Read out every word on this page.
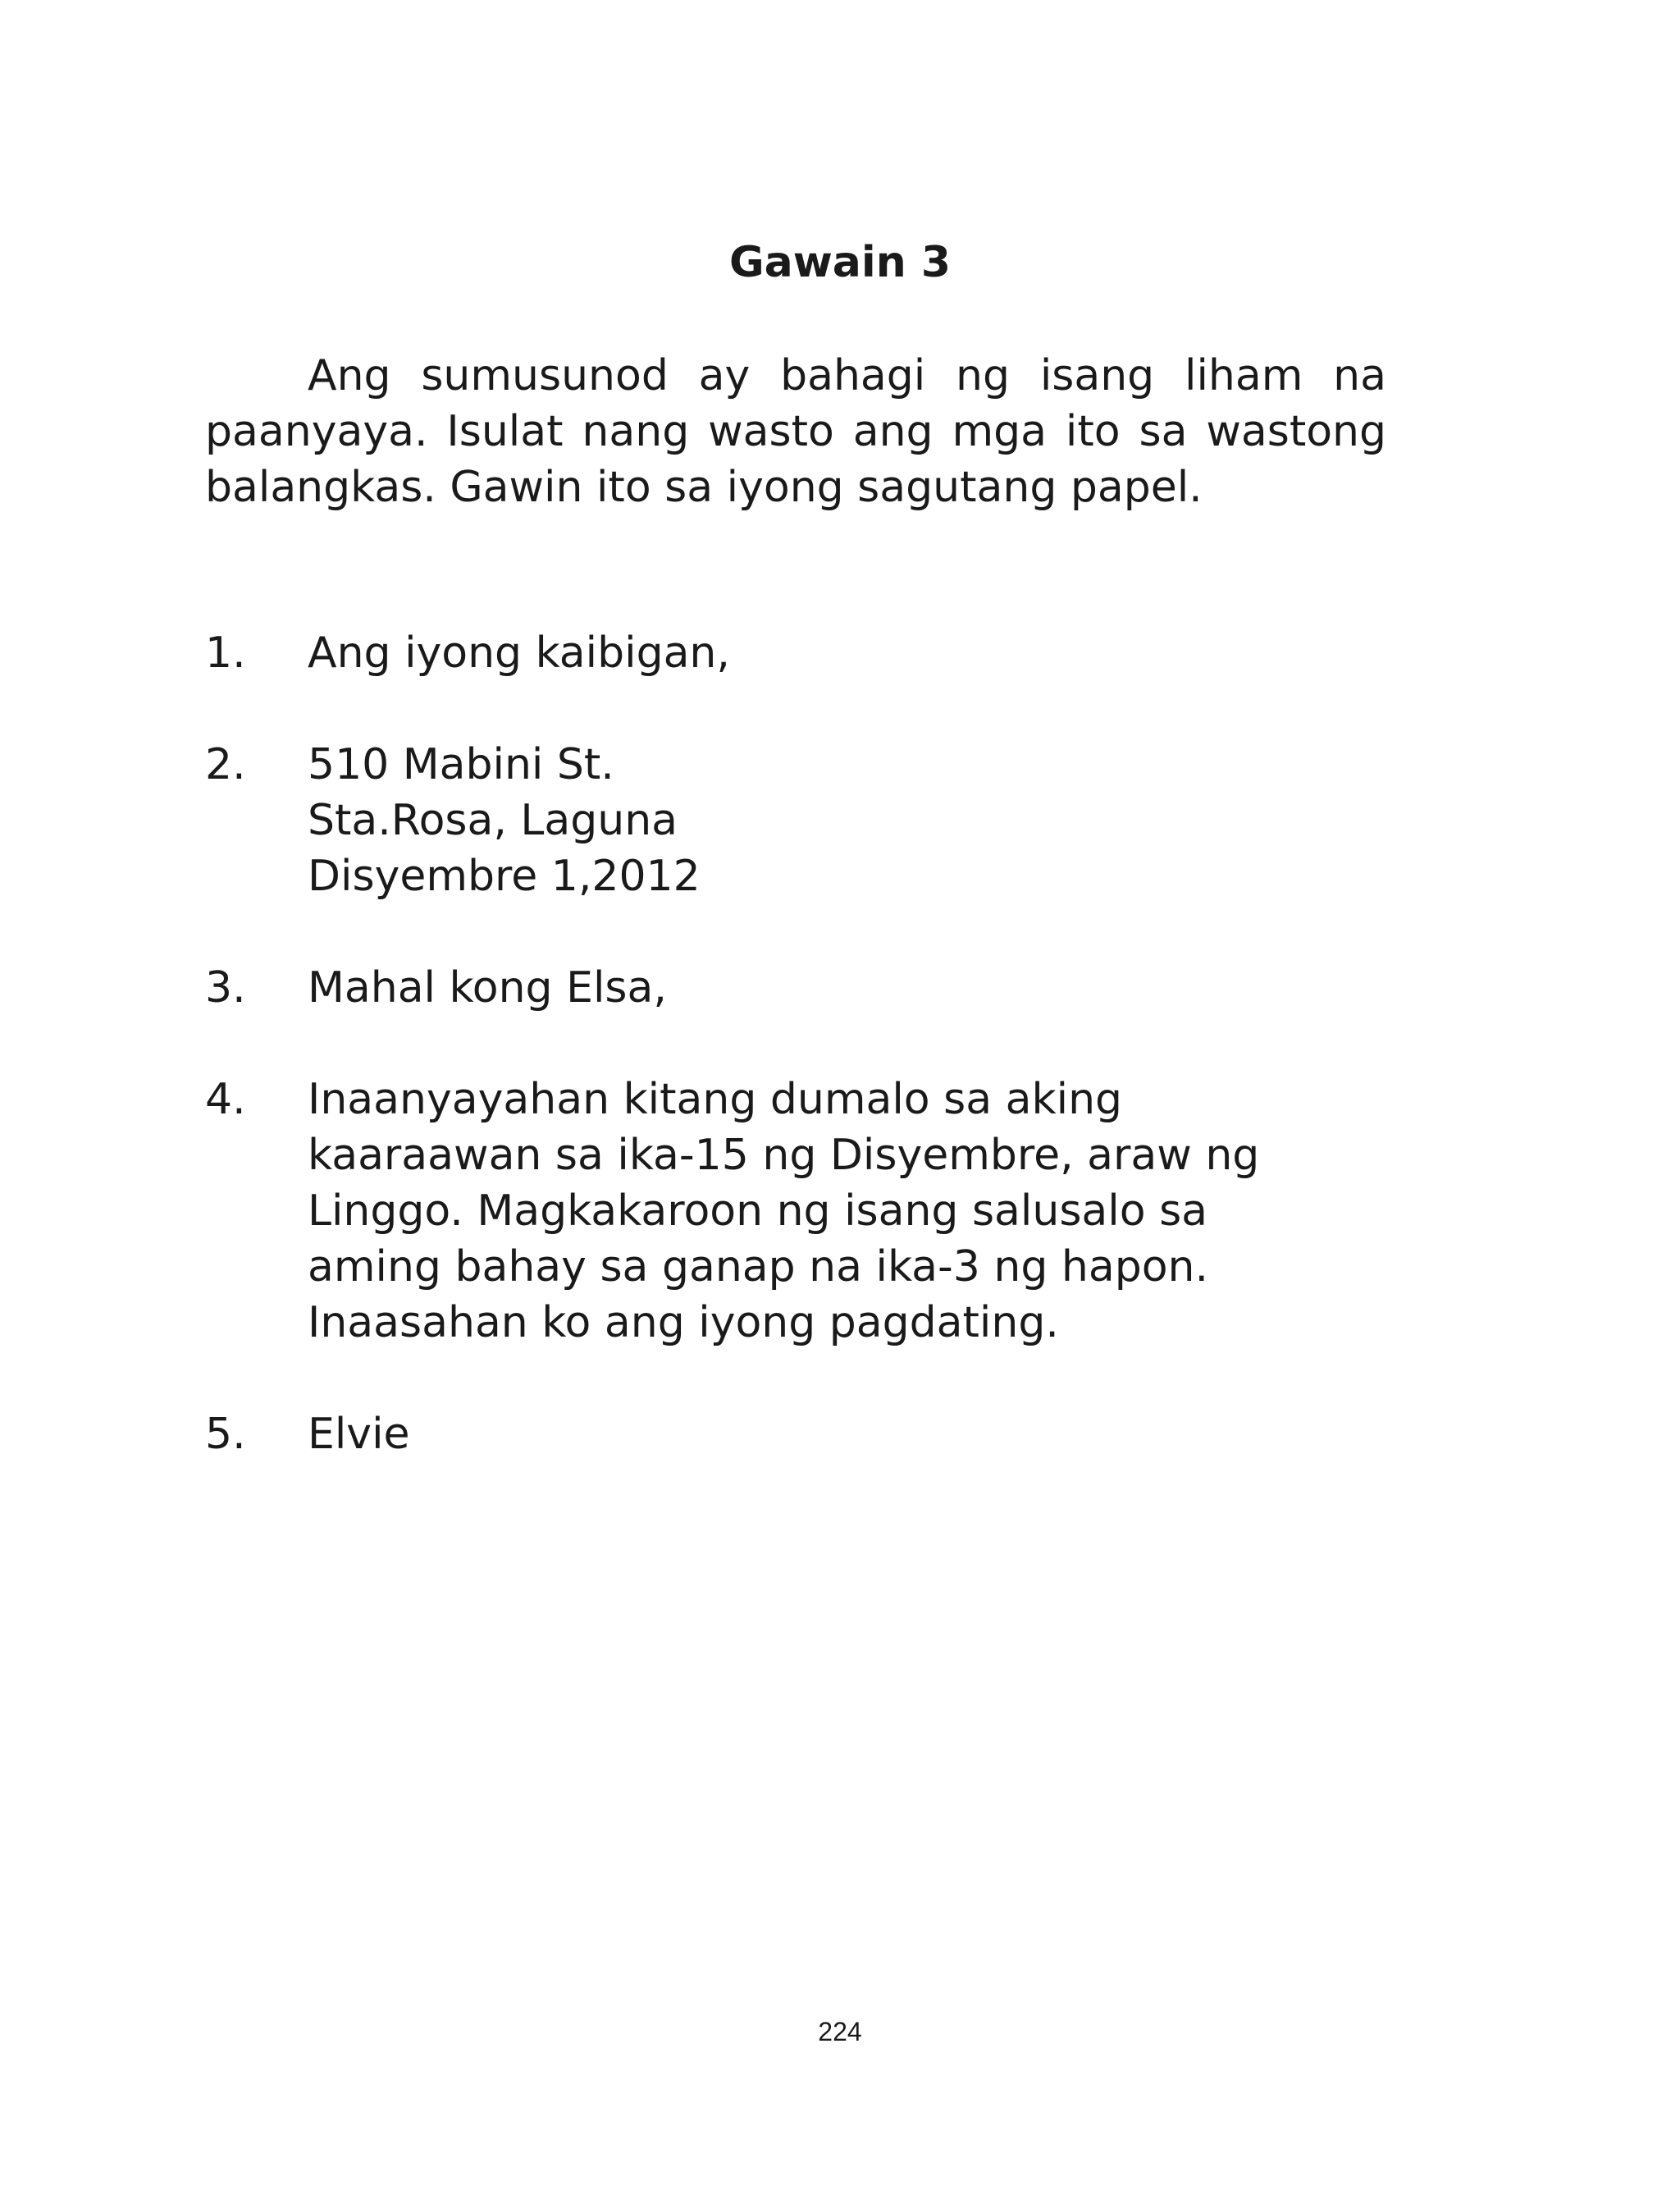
Gawain 3

Ang sumusunod ay bahagi ng isang liham na paanyaya. Isulat nang wasto ang mga ito sa wastong balangkas. Gawin ito sa iyong sagutang papel.

1.	Ang iyong kaibigan,
2.	510 Mabini St.
Sta.Rosa, Laguna
Disyembre 1,2012
3.	Mahal kong Elsa,
4.	Inaanyayahan kitang dumalo sa aking
kaaraawan sa ika-15 ng Disyembre, araw ng
Linggo. Magkakaroon ng isang salusalo sa
aming bahay sa ganap na ika-3 ng hapon.
Inaasahan ko ang iyong pagdating.
5.	Elvie
224
